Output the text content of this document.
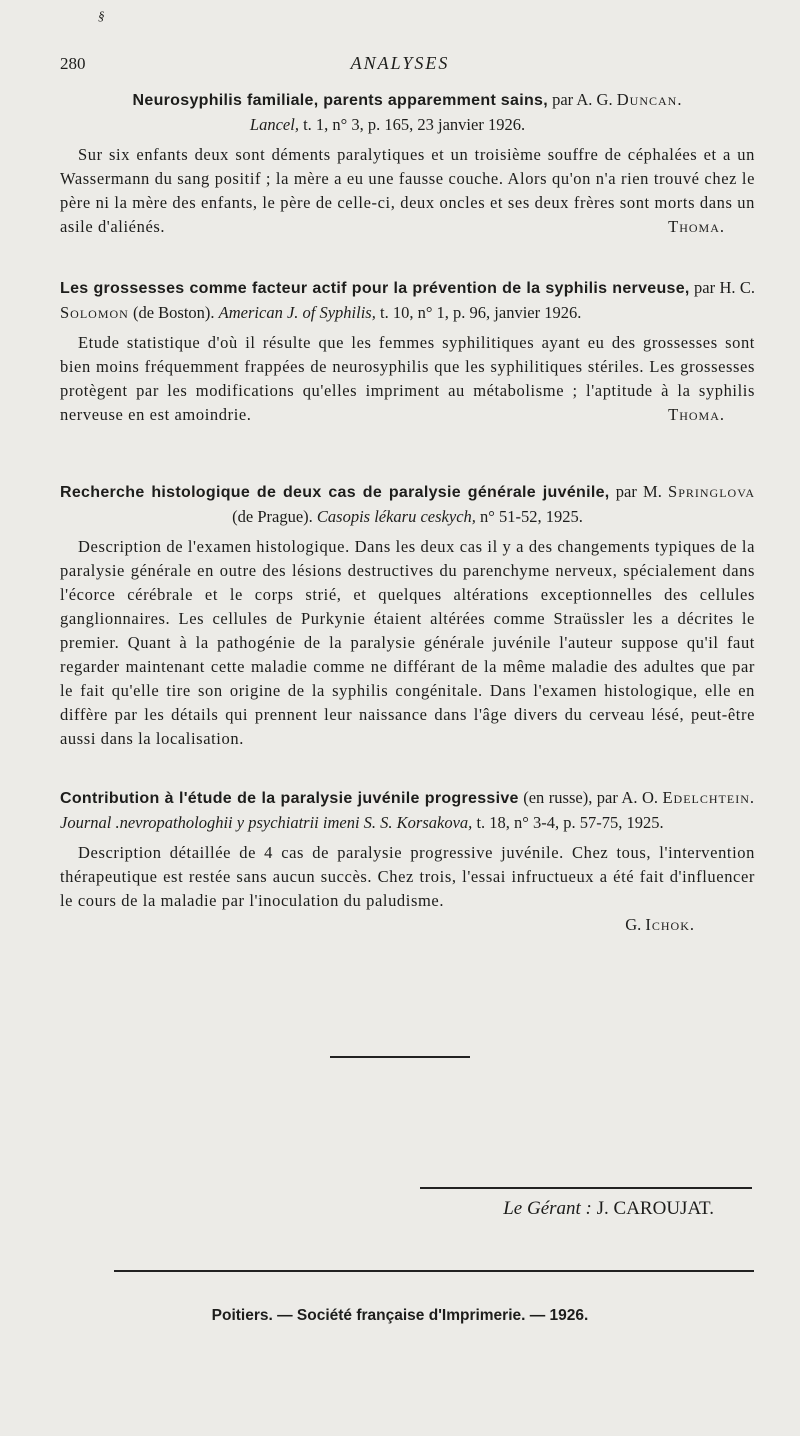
§
280	ANALYSES
Neurosyphilis familiale, parents apparemment sains, par A. G. Duncan.

Lancel, t. 1, n° 3, p. 165, 23 janvier 1926.

Sur six enfants deux sont déments paralytiques et un troisième souffre de céphalées et a un Wassermann du sang positif ; la mère a eu une fausse couche. Alors qu'on n'a rien trouvé chez le père ni la mère des enfants, le père de celle-ci, deux oncles et ses deux frères sont morts dans un asile d'aliénés.	Thoma.

Les grossesses comme facteur actif pour la prévention de la syphilis nerveuse, par H. C. Solomon (de Boston). American J. of Syphilis, t. 10, n° 1, p. 96, janvier 1926.

Etude statistique d'où il résulte que les femmes syphilitiques ayant eu des grossesses sont bien moins fréquemment frappées de neurosyphilis que les syphilitiques stériles. Les grossesses protègent par les modifications qu'elles impriment au métabolisme ; l'aptitude à la syphilis nerveuse en est amoindrie.	Thoma.

Recherche histologique de deux cas de paralysie générale juvénile, par M. Springlova (de Prague). Casopis lékaru ceskych, n° 51-52, 1925.

Description de l'examen histologique. Dans les deux cas il y a des changements typiques de la paralysie générale en outre des lésions destructives du parenchyme nerveux, spécialement dans l'écorce cérébrale et le corps strié, et quelques altérations exceptionnelles des cellules ganglionnaires. Les cellules de Purkynie étaient altérées comme Straüssler les a décrites le premier. Quant à la pathogénie de la paralysie générale juvénile l'auteur suppose qu'il faut regarder maintenant cette maladie comme ne différant de la même maladie des adultes que par le fait qu'elle tire son origine de la syphilis congénitale. Dans l'examen histologique, elle en diffère par les détails qui prennent leur naissance dans l'âge divers du cerveau lésé, peut-être aussi dans la localisation.

Contribution à l'étude de la paralysie juvénile progressive (en russe), par A. O. Edelchtein. Journal .nevropathologhii y psychiatrii imeni S. S. Korsakova, t. 18, n° 3-4, p. 57-75, 1925.

Description détaillée de 4 cas de paralysie progressive juvénile. Chez tous, l'intervention thérapeutique est restée sans aucun succès. Chez trois, l'essai infructueux a été fait d'influencer le cours de la maladie par l'inoculation du paludisme.

G. Ichok.
Le Gérant : J. CAROUJAT.
Poitiers. — Société française d'Imprimerie. — 1926.
